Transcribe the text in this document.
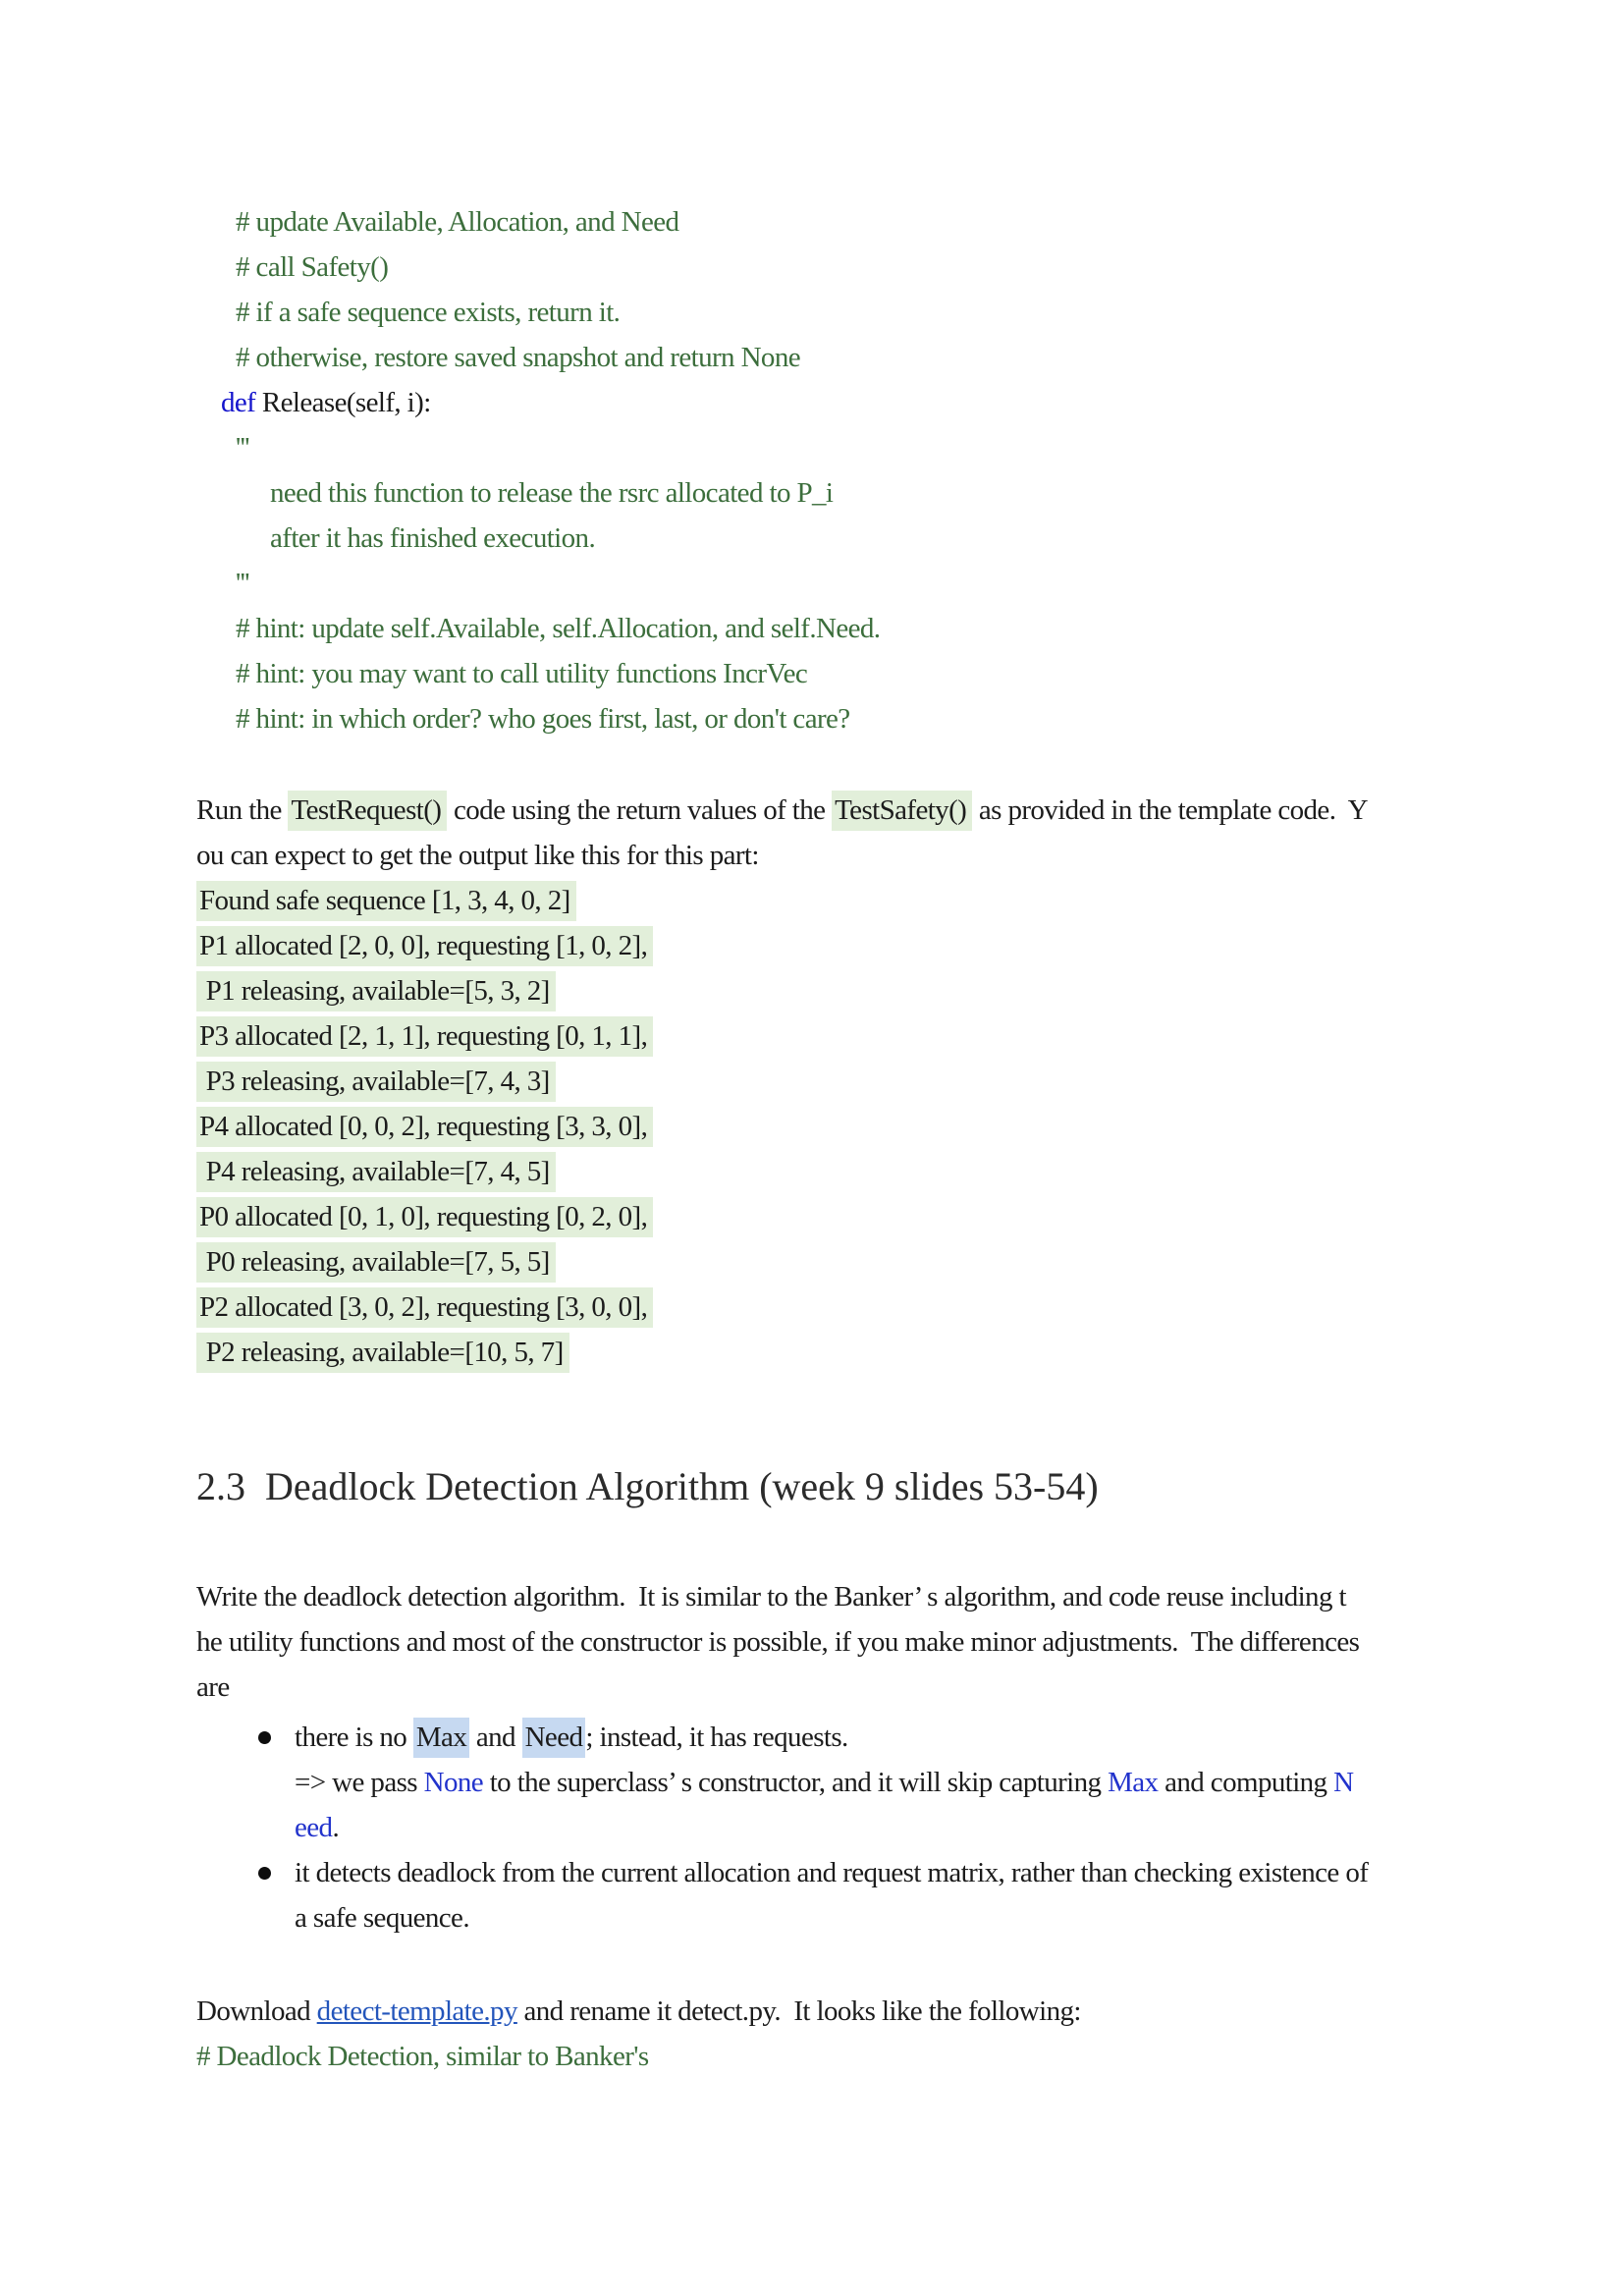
# update Available, Allocation, and Need
# call Safety()
# if a safe sequence exists, return it.
# otherwise, restore saved snapshot and return None
def Release(self, i):
'''
need this function to release the rsrc allocated to P_i
after it has finished execution.
'''
# hint: update self.Available, self.Allocation, and self.Need.
# hint: you may want to call utility functions IncrVec
# hint: in which order? who goes first, last, or don't care?
Run the TestRequest() code using the return values of the TestSafety() as provided in the template code.  Y
ou can expect to get the output like this for this part:
Found safe sequence [1, 3, 4, 0, 2]
P1 allocated [2, 0, 0], requesting [1, 0, 2],
P1 releasing, available=[5, 3, 2]
P3 allocated [2, 1, 1], requesting [0, 1, 1],
P3 releasing, available=[7, 4, 3]
P4 allocated [0, 0, 2], requesting [3, 3, 0],
P4 releasing, available=[7, 4, 5]
P0 allocated [0, 1, 0], requesting [0, 2, 0],
P0 releasing, available=[7, 5, 5]
P2 allocated [3, 0, 2], requesting [3, 0, 0],
P2 releasing, available=[10, 5, 7]
2.3  Deadlock Detection Algorithm (week 9 slides 53-54)
Write the deadlock detection algorithm.  It is similar to the Banker’ s algorithm, and code reuse including t
he utility functions and most of the constructor is possible, if you make minor adjustments.  The differences
are
there is no Max and Need ; instead, it has requests.
=> we pass None to the superclass’ s constructor, and it will skip capturing Max and computing N
eed.
it detects deadlock from the current allocation and request matrix, rather than checking existence of
a safe sequence.
Download detect-template.py and rename it detect.py.  It looks like the following:
# Deadlock Detection, similar to Banker's
